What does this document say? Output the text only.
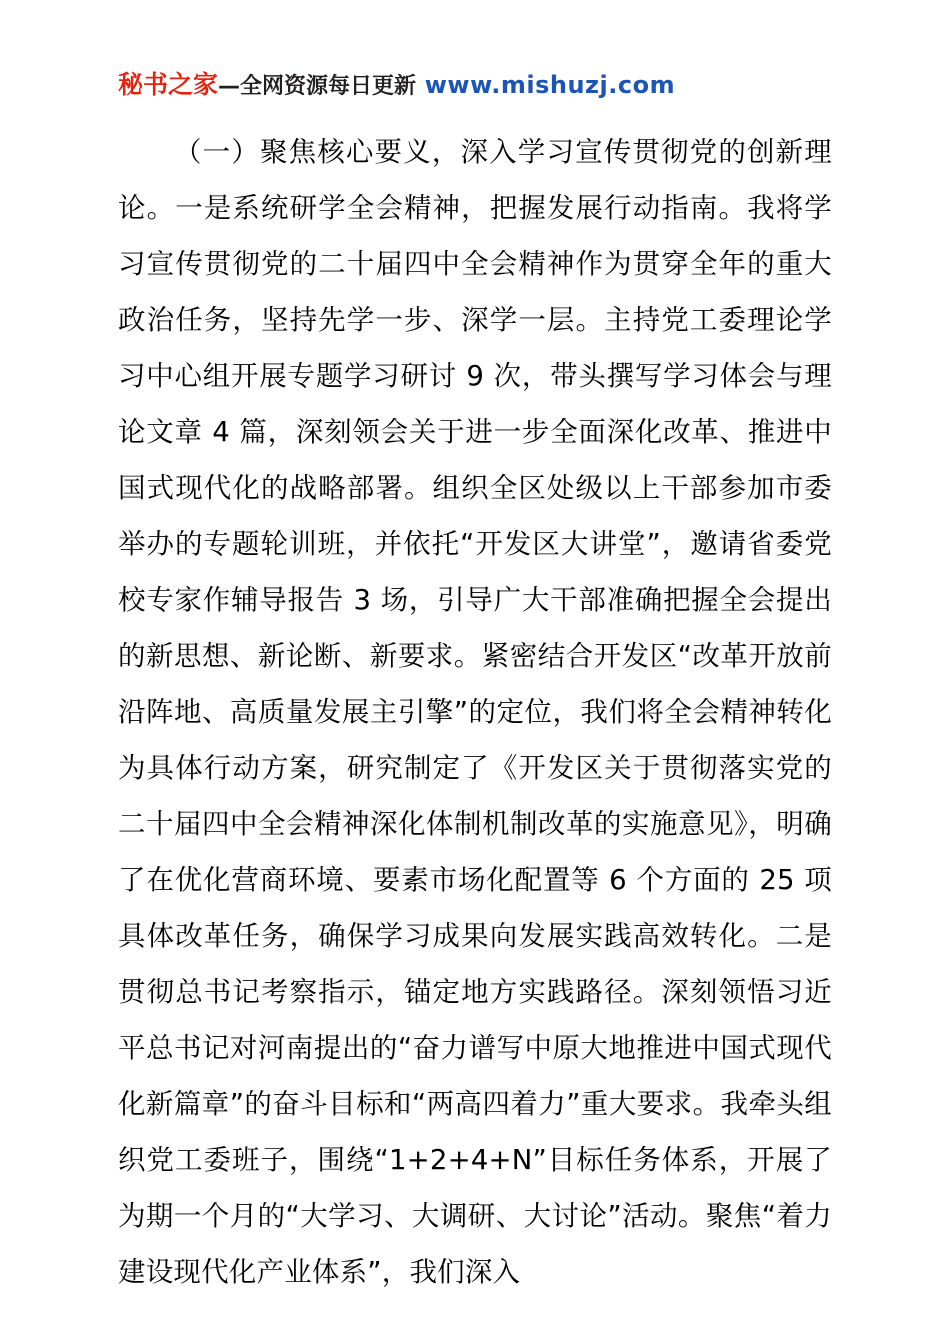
秘书之家—全网资源每日更新 www.mishuzj.com

（一）聚焦核心要义，深入学习宣传贯彻党的创新理论。一是系统研学全会精神，把握发展行动指南。我将学习宣传贯彻党的二十届四中全会精神作为贯穿全年的重大政治任务，坚持先学一步、深学一层。主持党工委理论学习中心组开展专题学习研讨 9 次，带头撰写学习体会与理论文章 4 篇，深刻领会关于进一步全面深化改革、推进中国式现代化的战略部署。组织全区处级以上干部参加市委举办的专题轮训班，并依托“开发区大讲堂”，邀请省委党校专家作辅导报告 3 场，引导广大干部准确把握全会提出的新思想、新论断、新要求。紧密结合开发区“改革开放前沿阵地、高质量发展主引擎”的定位，我们将全会精神转化为具体行动方案，研究制定了《开发区关于贯彻落实党的二十届四中全会精神深化体制机制改革的实施意见》，明确了在优化营商环境、要素市场化配置等 6 个方面的 25 项具体改革任务，确保学习成果向发展实践高效转化。二是贯彻总书记考察指示，锚定地方实践路径。深刻领悟习近平总书记对河南提出的“奋力谱写中原大地推进中国式现代化新篇章”的奋斗目标和“两高四着力”重大要求。我牵头组织党工委班子，围绕“1+2+4+N”目标任务体系，开展了为期一个月的“大学习、大调研、大讨论”活动。聚焦“着力建设现代化产业体系”，我们深入
